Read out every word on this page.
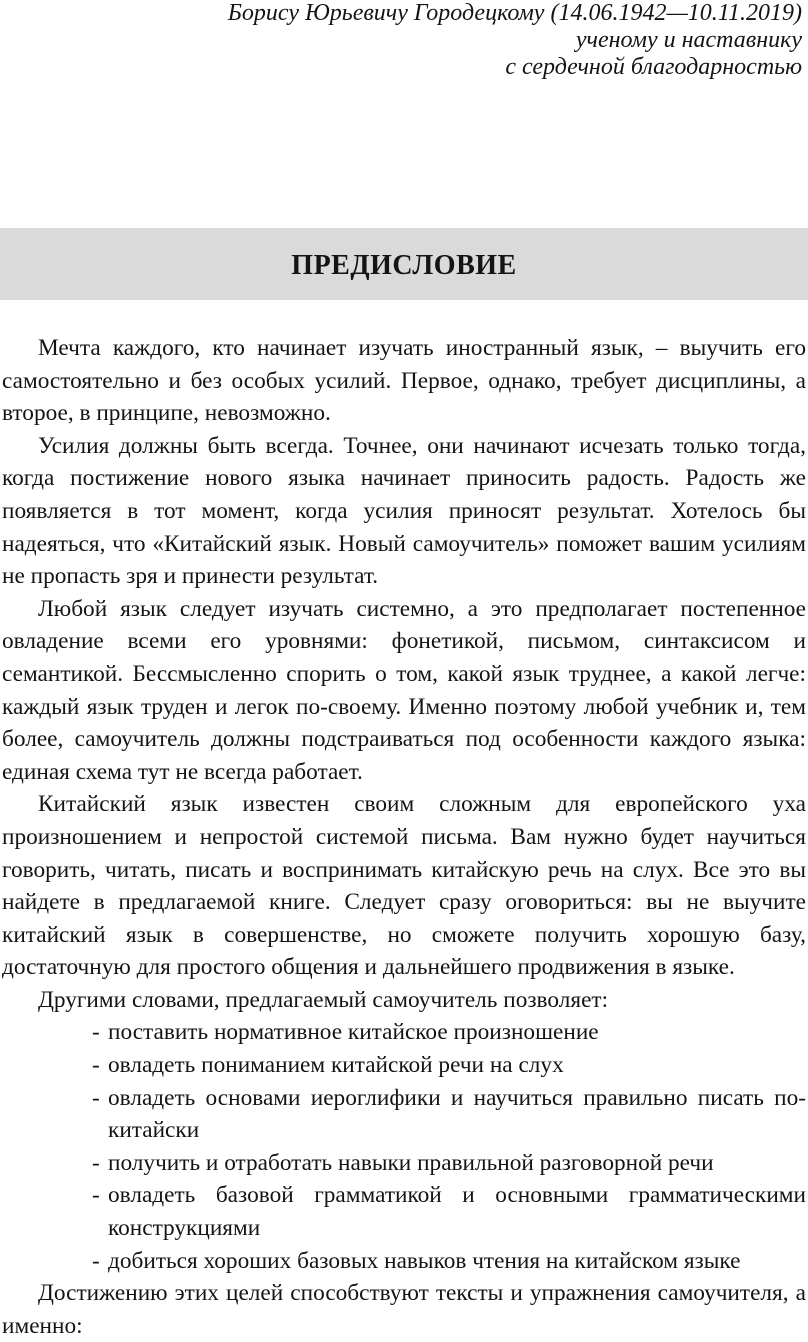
Борису Юрьевичу Городецкому (14.06.1942—10.11.2019)
ученому и наставнику
с сердечной благодарностью
ПРЕДИСЛОВИЕ

Мечта каждого, кто начинает изучать иностранный язык, – выучить его самостоятельно и без особых усилий. Первое, однако, требует дисциплины, а второе, в принципе, невозможно.

Усилия должны быть всегда. Точнее, они начинают исчезать только тогда, когда постижение нового языка начинает приносить радость. Радость же появляется в тот момент, когда усилия приносят результат. Хотелось бы надеяться, что «Китайский язык. Новый самоучитель» поможет вашим усилиям не пропасть зря и принести результат.

Любой язык следует изучать системно, а это предполагает постепенное овладение всеми его уровнями: фонетикой, письмом, синтаксисом и семантикой. Бессмысленно спорить о том, какой язык труднее, а какой легче: каждый язык труден и легок по-своему. Именно поэтому любой учебник и, тем более, самоучитель должны подстраиваться под особенности каждого языка: единая схема тут не всегда работает.

Китайский язык известен своим сложным для европейского уха произношением и непростой системой письма. Вам нужно будет научиться говорить, читать, писать и воспринимать китайскую речь на слух. Все это вы найдете в предлагаемой книге. Следует сразу оговориться: вы не выучите китайский язык в совершенстве, но сможете получить хорошую базу, достаточную для простого общения и дальнейшего продвижения в языке.

Другими словами, предлагаемый самоучитель позволяет:

- поставить нормативное китайское произношение
- овладеть пониманием китайской речи на слух
- овладеть основами иероглифики и научиться правильно писать по-китайски
- получить и отработать навыки правильной разговорной речи
- овладеть базовой грамматикой и основными грамматическими конструкциями
- добиться хороших базовых навыков чтения на китайском языке

Достижению этих целей способствуют тексты и упражнения самоучителя, а именно:
